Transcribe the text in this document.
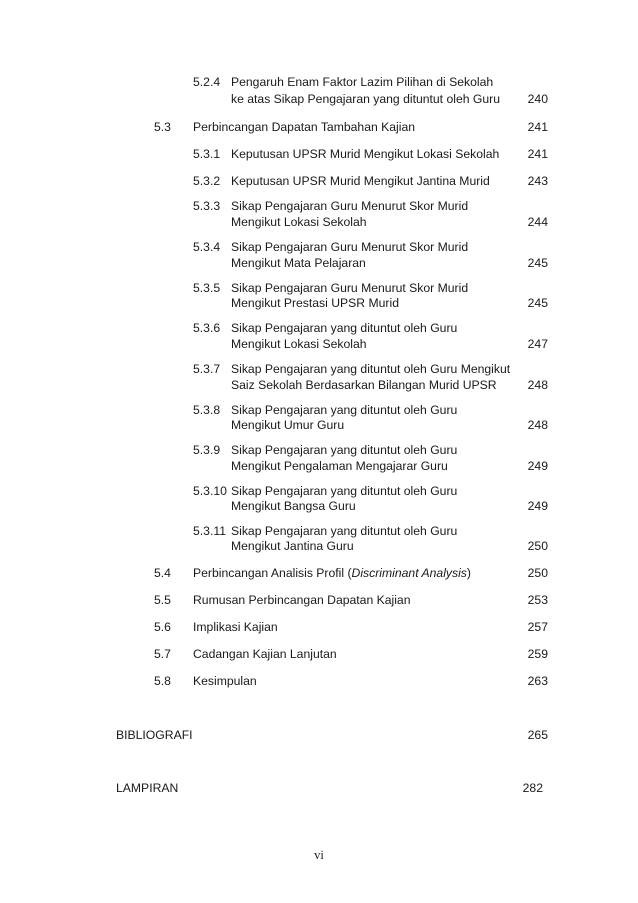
5.2.4 Pengaruh Enam Faktor Lazim Pilihan di Sekolah
ke atas Sikap Pengajaran yang dituntut oleh Guru 240
5.3 Perbincangan Dapatan Tambahan Kajian	241
5.3.1 Keputusan UPSR Murid Mengikut Lokasi Sekolah 241
5.3.2 Keputusan UPSR Murid Mengikut Jantina Murid	243
5.3.3 Sikap Pengajaran Guru Menurut Skor Murid
Mengikut Lokasi Sekolah	244
5.3.4 Sikap Pengajaran Guru Menurut Skor Murid
Mengikut Mata Pelajaran	245
5.3.5 Sikap Pengajaran Guru Menurut Skor Murid
Mengikut Prestasi UPSR Murid	245
5.3.6 Sikap Pengajaran yang dituntut oleh Guru
Mengikut Lokasi Sekolah	247
5.3.7 Sikap Pengajaran yang dituntut oleh Guru Mengikut
Saiz Sekolah Berdasarkan Bilangan Murid UPSR	248
5.3.8 Sikap Pengajaran yang dituntut oleh Guru
Mengikut Umur Guru	248
5.3.9 Sikap Pengajaran yang dituntut oleh Guru
Mengikut Pengalaman Mengajarar Guru	249
5.3.10 Sikap Pengajaran yang dituntut oleh Guru
Mengikut Bangsa Guru	249
5.3.11 Sikap Pengajaran yang dituntut oleh Guru
Mengikut Jantina Guru	250
5.4 Perbincangan Analisis Profil (Discriminant Analysis)	250
5.5 Rumusan Perbincangan Dapatan Kajian	253
5.6 Implikasi Kajian	257
5.7 Cadangan Kajian Lanjutan	259
5.8 Kesimpulan	263
BIBLIOGRAFI	265
LAMPIRAN	282
vi
